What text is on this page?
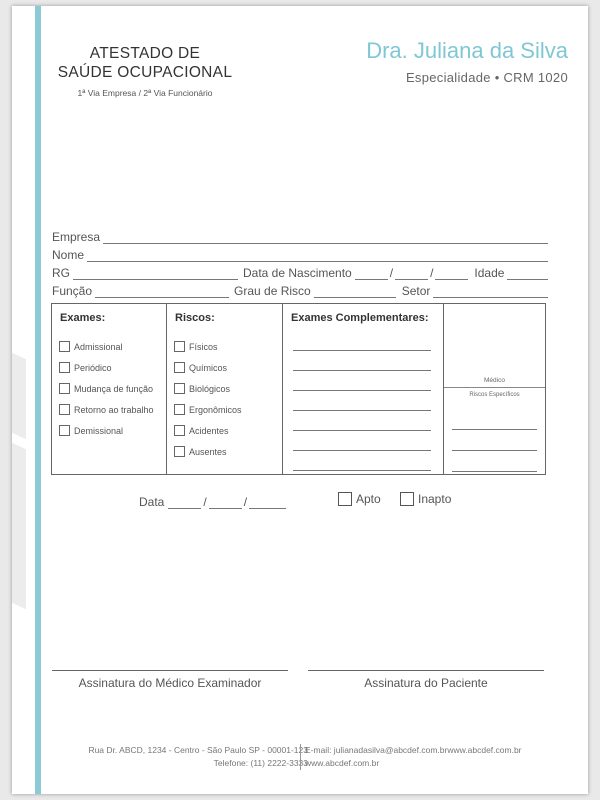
ATESTADO DE
SAÚDE OCUPACIONAL
1ª Via Empresa / 2ª Via Funcionário
Dra. Juliana da Silva
Especialidade • CRM 1020
Empresa
Nome
RG	Data de Nascimento	/	/	Idade
Função	Grau de Risco	Setor
Exames:
Admissional
Periódico
Mudança de função
Retorno ao trabalho
Demissional
Riscos:
Físicos
Químicos
Biológicos
Ergonômicos
Acidentes
Ausentes
Exames Complementares:
Médico
Riscos Específicos
Data	/	/	Apto	Inapto
Assinatura do Médico Examinador	Assinatura do Paciente
Rua Dr. ABCD, 1234 - Centro - São Paulo SP - 00001-123
Telefone: (11) 2222-3333
E-mail: julianadasilva@abcdef.com.brwww.abcdef.com.br
www.abcdef.com.br
